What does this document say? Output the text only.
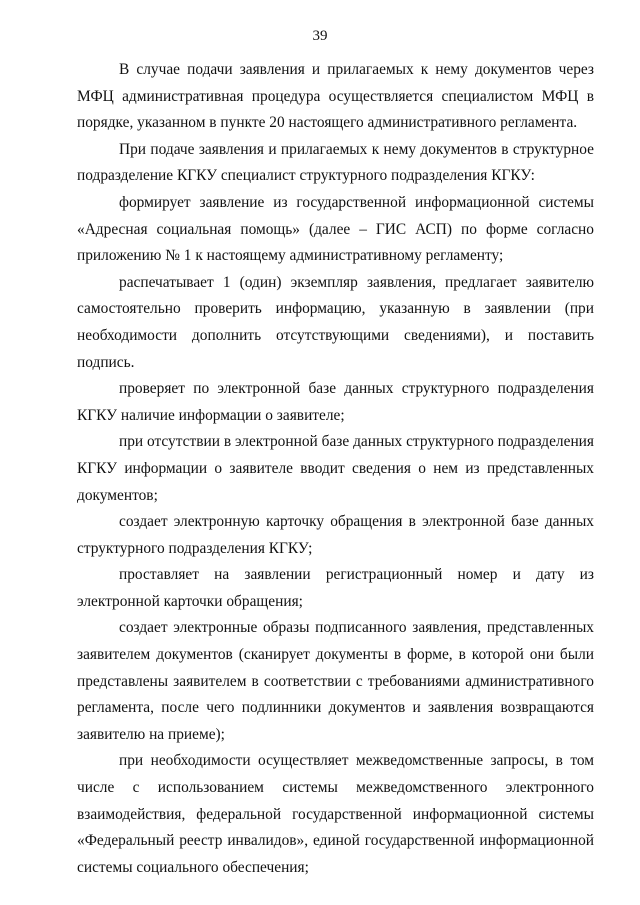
39

В случае подачи заявления и прилагаемых к нему документов через МФЦ административная процедура осуществляется специалистом МФЦ в порядке, указанном в пункте 20 настоящего административного регламента.

При подаче заявления и прилагаемых к нему документов в структурное подразделение КГКУ специалист структурного подразделения КГКУ:

формирует заявление из государственной информационной системы «Адресная социальная помощь» (далее – ГИС АСП) по форме согласно приложению № 1 к настоящему административному регламенту;

распечатывает 1 (один) экземпляр заявления, предлагает заявителю самостоятельно проверить информацию, указанную в заявлении (при необходимости дополнить отсутствующими сведениями), и поставить подпись.

проверяет по электронной базе данных структурного подразделения КГКУ наличие информации о заявителе;

при отсутствии в электронной базе данных структурного подразделения КГКУ информации о заявителе вводит сведения о нем из представленных документов;

создает электронную карточку обращения в электронной базе данных структурного подразделения КГКУ;

проставляет на заявлении регистрационный номер и дату из электронной карточки обращения;

создает электронные образы подписанного заявления, представленных заявителем документов (сканирует документы в форме, в которой они были представлены заявителем в соответствии с требованиями административного регламента, после чего подлинники документов и заявления возвращаются заявителю на приеме);

при необходимости осуществляет межведомственные запросы, в том числе с использованием системы межведомственного электронного взаимодействия, федеральной государственной информационной системы «Федеральный реестр инвалидов», единой государственной информационной системы социального обеспечения;
